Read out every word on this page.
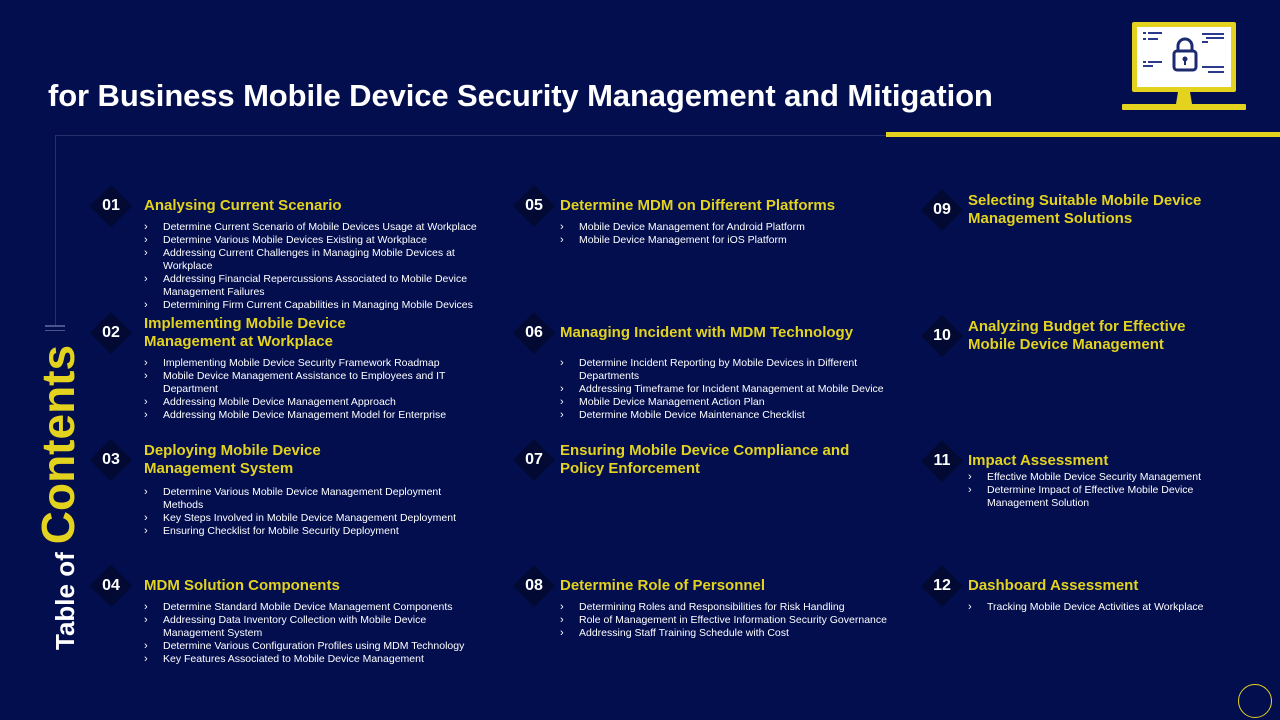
for Business Mobile Device Security Management and Mitigation
Table ofContents
01 Analysing Current Scenario
› Determine Current Scenario of Mobile Devices Usage at Workplace
› Determine Various Mobile Devices Existing at Workplace
› Addressing Current Challenges in Managing Mobile Devices at Workplace
› Addressing Financial Repercussions Associated to Mobile Device Management Failures
› Determining Firm Current Capabilities in Managing Mobile Devices
02
Implementing Mobile Device Management at Workplace
› Implementing Mobile Device Security Framework Roadmap
› Mobile Device Management Assistance to Employees and IT Department
› Addressing Mobile Device Management Approach
› Addressing Mobile Device Management Model for Enterprise
03
Deploying Mobile Device Management System
› Determine Various Mobile Device Management Deployment Methods
› Key Steps Involved in Mobile Device Management Deployment
› Ensuring Checklist for Mobile Security Deployment
04 MDM Solution Components
› Determine Standard Mobile Device Management Components
› Addressing Data Inventory Collection with Mobile Device Management System
› Determine Various Configuration Profiles using MDM Technology
› Key Features Associated to Mobile Device Management
05 Determine MDM on Different Platforms
› Mobile Device Management for Android Platform
› Mobile Device Management for iOS Platform
06 Managing Incident with MDM Technology
› Determine Incident Reporting by Mobile Devices in Different Departments
› Addressing Timeframe for Incident Management at Mobile Device
› Mobile Device Management Action Plan
› Determine Mobile Device Maintenance Checklist
07
Ensuring Mobile Device Compliance and Policy Enforcement
08 Determine Role of Personnel
› Determining Roles and Responsibilities for Risk Handling
› Role of Management in Effective Information Security Governance
› Addressing Staff Training Schedule with Cost
09
Selecting Suitable Mobile Device Management Solutions
10
Analyzing Budget for Effective Mobile Device Management
11 Impact Assessment
› Effective Mobile Device Security Management
› Determine Impact of Effective Mobile Device Management Solution
12 Dashboard Assessment
› Tracking Mobile Device Activities at Workplace
